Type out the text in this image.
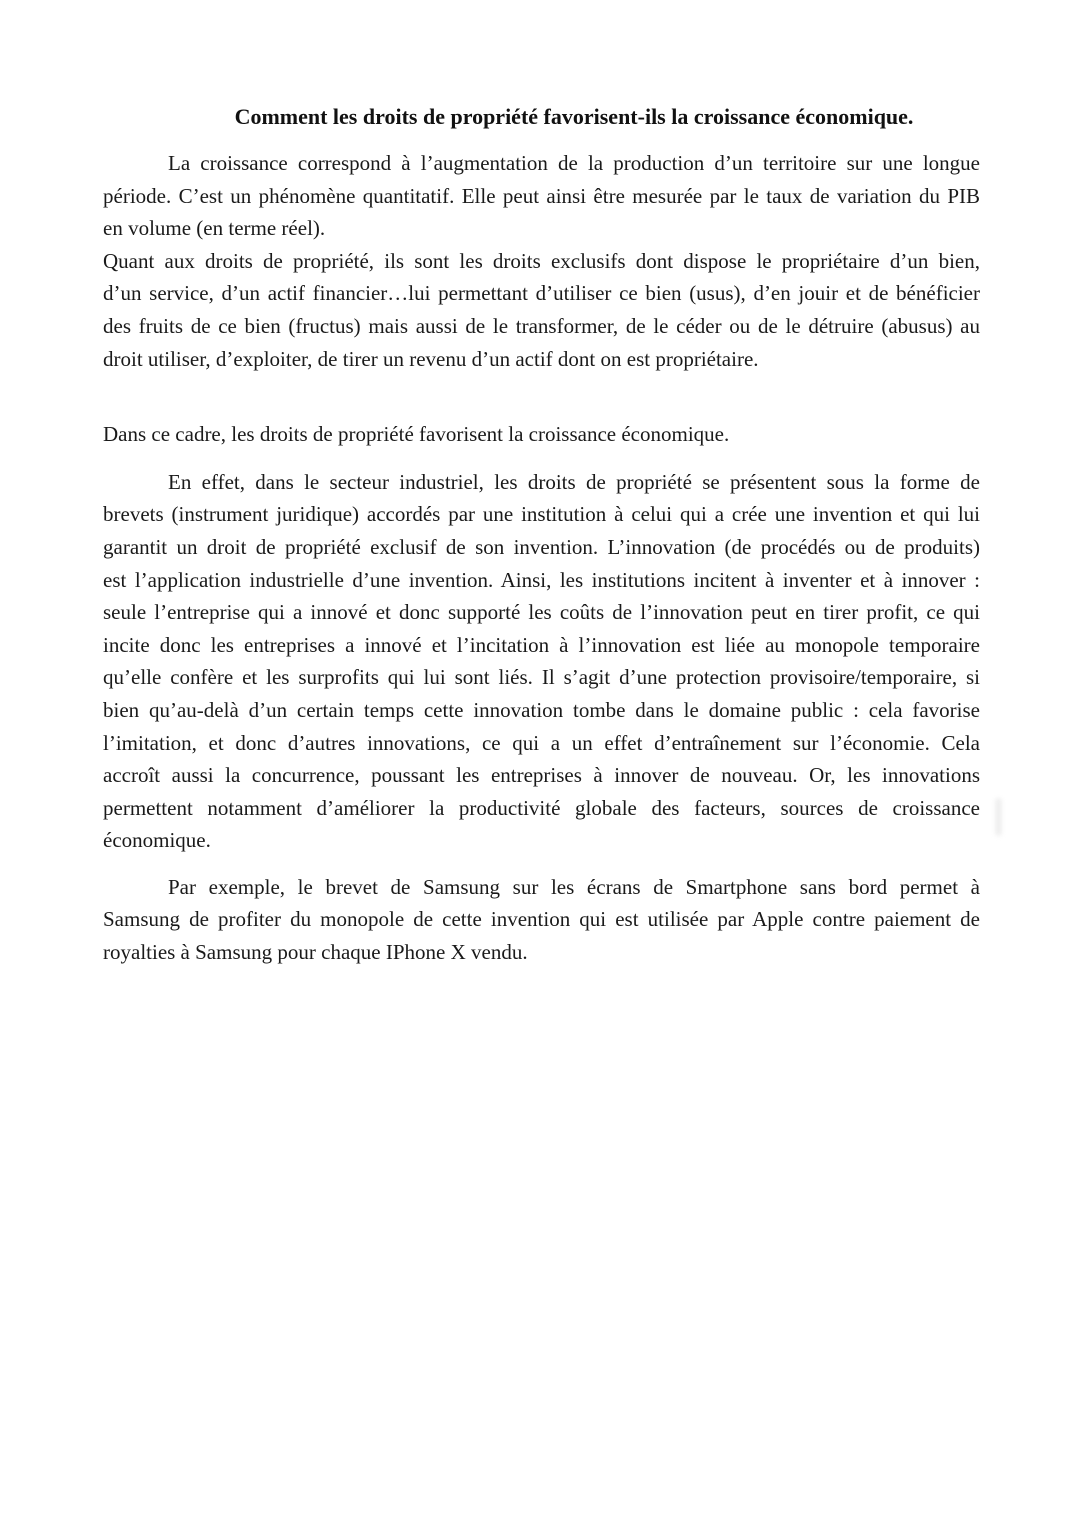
Comment les droits de propriété favorisent-ils la croissance économique.
La croissance correspond à l’augmentation de la production d’un territoire sur une longue
période. C’est un phénomène quantitatif. Elle peut ainsi être mesurée par le taux de variation du PIB
en volume (en terme réel).
Quant aux droits de propriété, ils sont les droits exclusifs dont dispose le propriétaire d’un bien,
d’un service, d’un actif financier…lui permettant d’utiliser ce bien (usus), d’en jouir et de bénéficier
des fruits de ce bien (fructus) mais aussi de le transformer, de le céder ou de le détruire (abusus) au
droit utiliser, d’exploiter, de tirer un revenu d’un actif dont on est propriétaire.
Dans ce cadre, les droits de propriété favorisent la croissance économique.
En effet, dans le secteur industriel, les droits de propriété se présentent sous la forme de
brevets (instrument juridique) accordés par une institution à celui qui a crée une invention et qui lui
garantit un droit de propriété exclusif de son invention. L’innovation (de procédés ou de produits)
est l’application industrielle d’une invention. Ainsi, les institutions incitent à inventer et à innover :
seule l’entreprise qui a innové et donc supporté les coûts de l’innovation peut en tirer profit, ce qui
incite donc les entreprises a innové et l’incitation à l’innovation est liée au monopole temporaire
qu’elle confère et les surprofits qui lui sont liés. Il s’agit d’une protection provisoire/temporaire, si
bien qu’au-delà d’un certain temps cette innovation tombe dans le domaine public : cela favorise
l’imitation, et donc d’autres innovations, ce qui a un effet d’entraînement sur l’économie. Cela
accroît aussi la concurrence, poussant les entreprises à innover de nouveau. Or, les innovations
permettent notamment d’améliorer la productivité globale des facteurs, sources de croissance
économique.
Par exemple, le brevet de Samsung sur les écrans de Smartphone sans bord permet à
Samsung de profiter du monopole de cette invention qui est utilisée par Apple contre paiement de
royalties à Samsung pour chaque IPhone X vendu.
